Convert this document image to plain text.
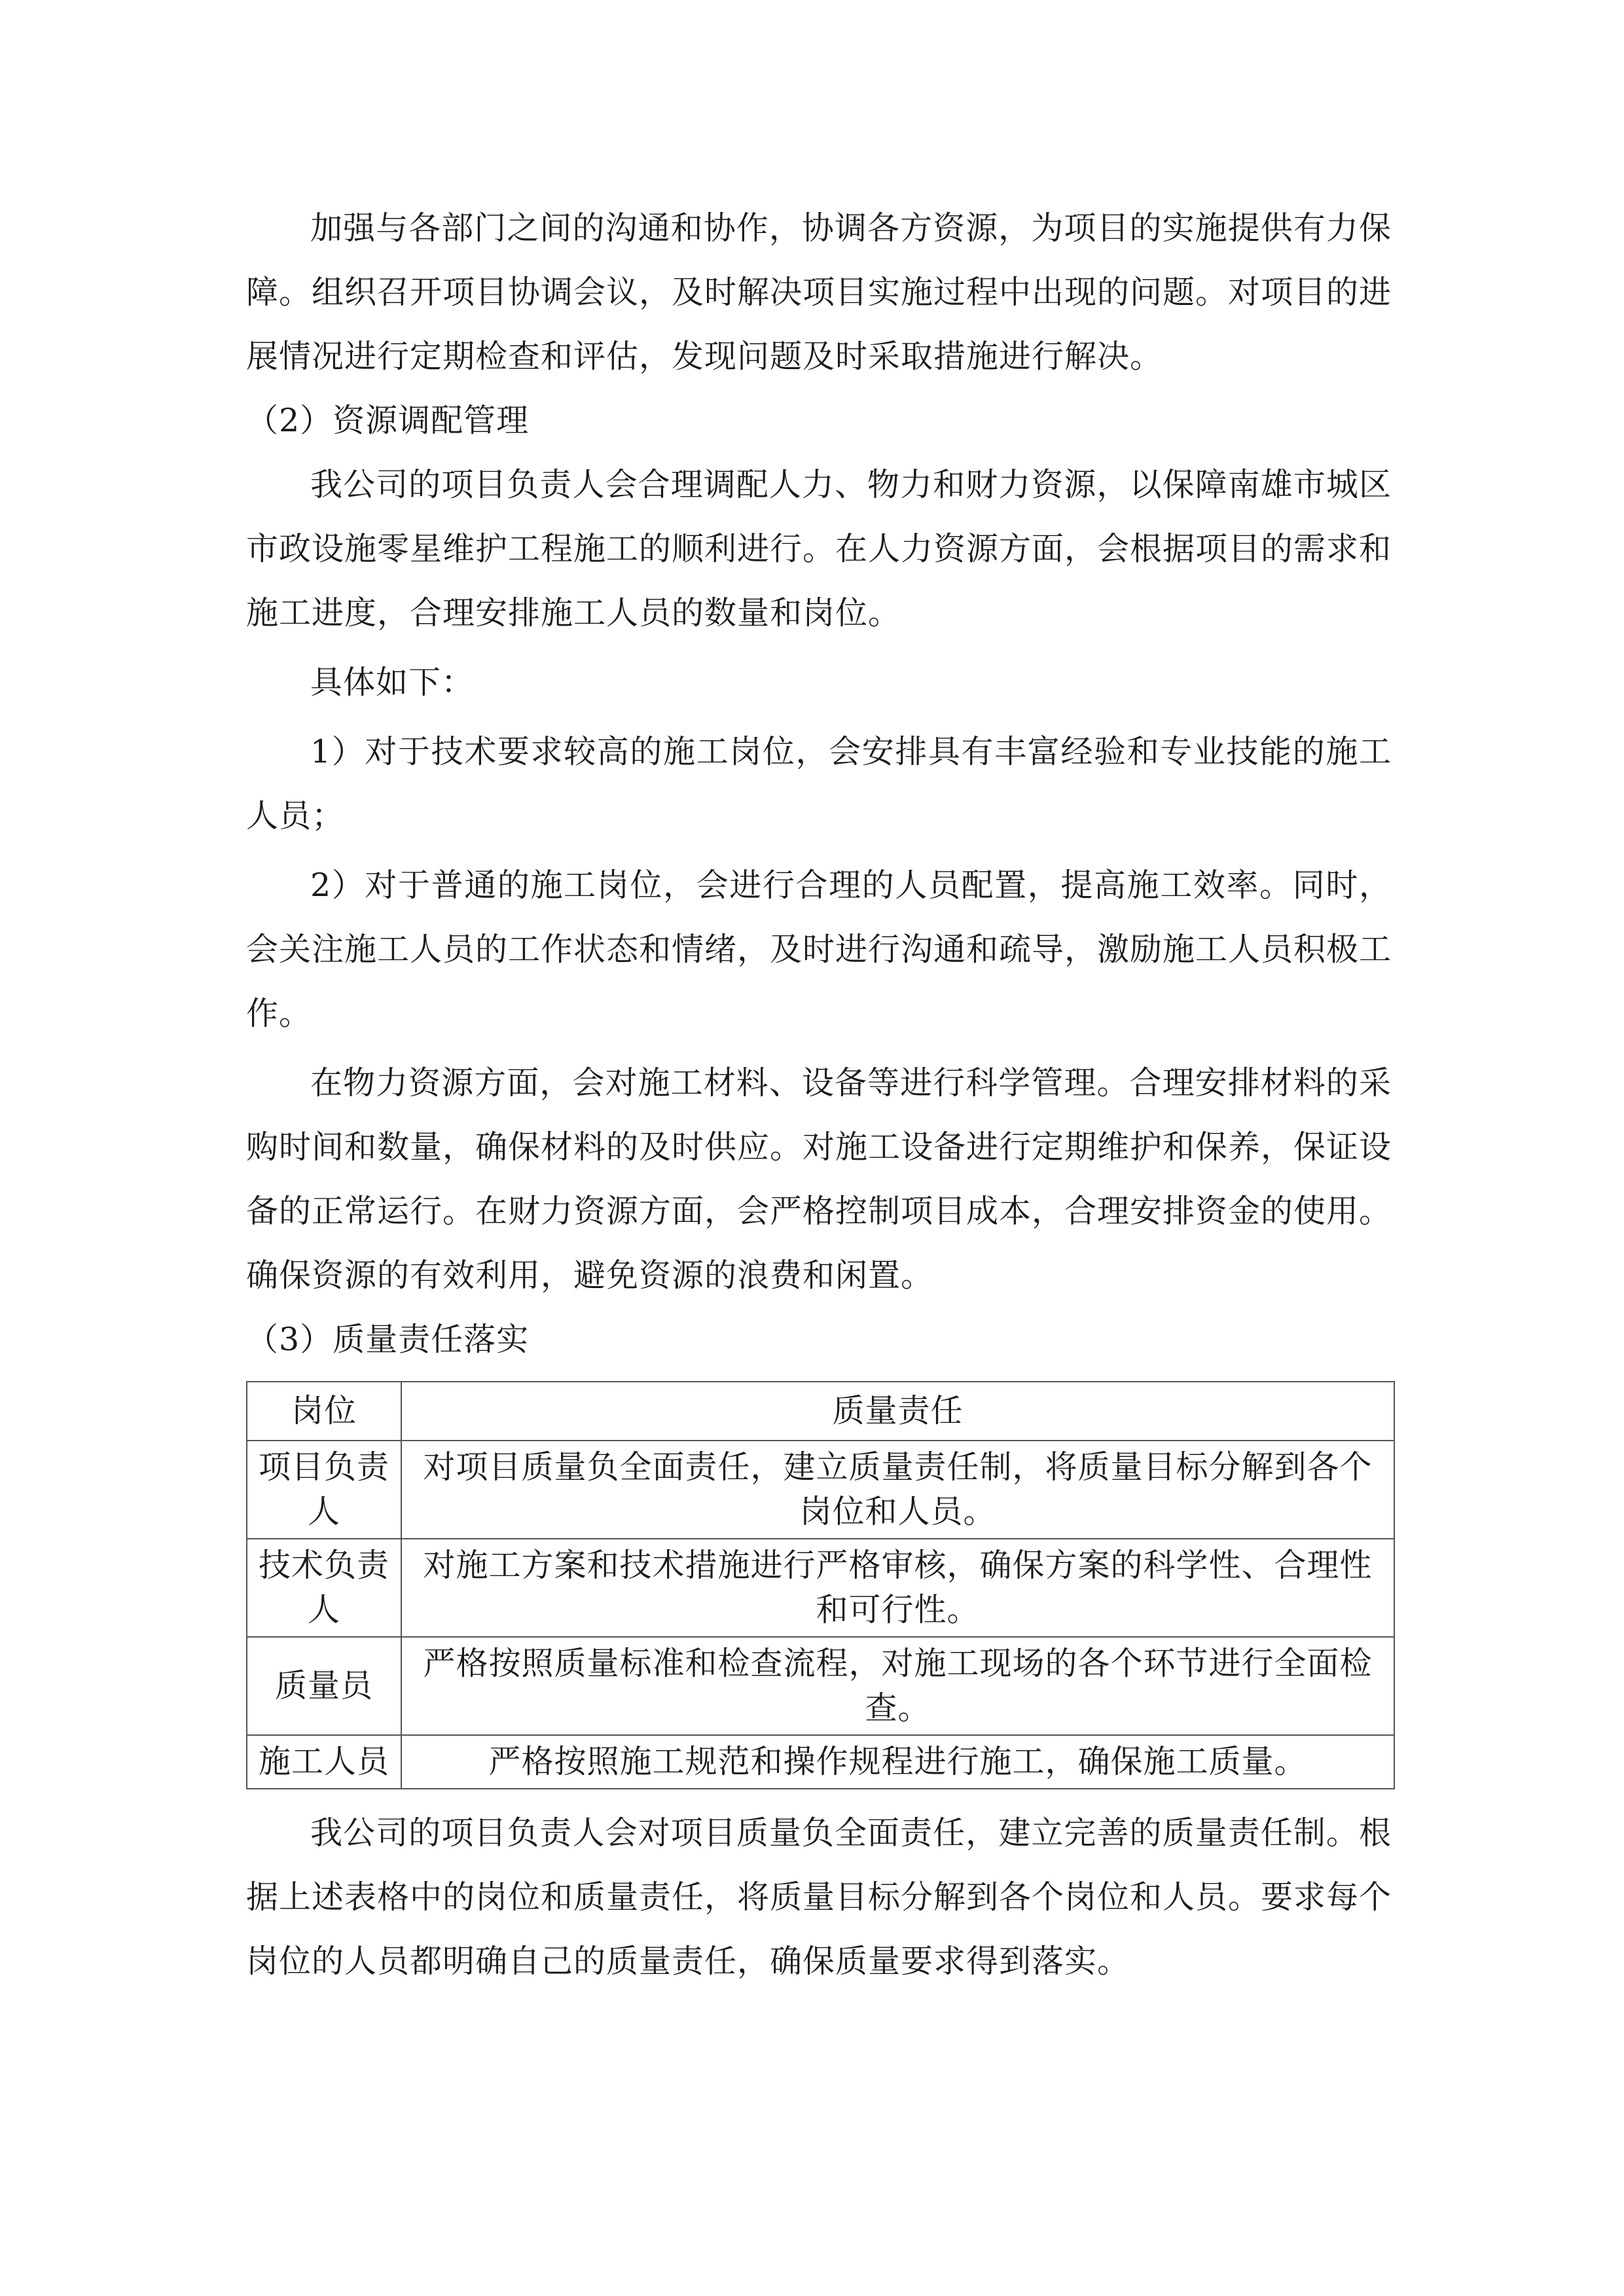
加强与各部门之间的沟通和协作，协调各方资源，为项目的实施提供有力保障。组织召开项目协调会议，及时解决项目实施过程中出现的问题。对项目的进展情况进行定期检查和评估，发现问题及时采取措施进行解决。

（2）资源调配管理

我公司的项目负责人会合理调配人力、物力和财力资源，以保障南雄市城区市政设施零星维护工程施工的顺利进行。在人力资源方面，会根据项目的需求和施工进度，合理安排施工人员的数量和岗位。

具体如下：

1）对于技术要求较高的施工岗位，会安排具有丰富经验和专业技能的施工人员；

2）对于普通的施工岗位，会进行合理的人员配置，提高施工效率。同时，会关注施工人员的工作状态和情绪，及时进行沟通和疏导，激励施工人员积极工作。

在物力资源方面，会对施工材料、设备等进行科学管理。合理安排材料的采购时间和数量，确保材料的及时供应。对施工设备进行定期维护和保养，保证设备的正常运行。在财力资源方面，会严格控制项目成本，合理安排资金的使用。确保资源的有效利用，避免资源的浪费和闲置。

（3）质量责任落实

岗位	质量责任
项目负责人	对项目质量负全面责任，建立质量责任制，将质量目标分解到各个岗位和人员。
技术负责人	对施工方案和技术措施进行严格审核，确保方案的科学性、合理性和可行性。
质量员	严格按照质量标准和检查流程，对施工现场的各个环节进行全面检查。
施工人员	严格按照施工规范和操作规程进行施工，确保施工质量。

我公司的项目负责人会对项目质量负全面责任，建立完善的质量责任制。根据上述表格中的岗位和质量责任，将质量目标分解到各个岗位和人员。要求每个岗位的人员都明确自己的质量责任，确保质量要求得到落实。
